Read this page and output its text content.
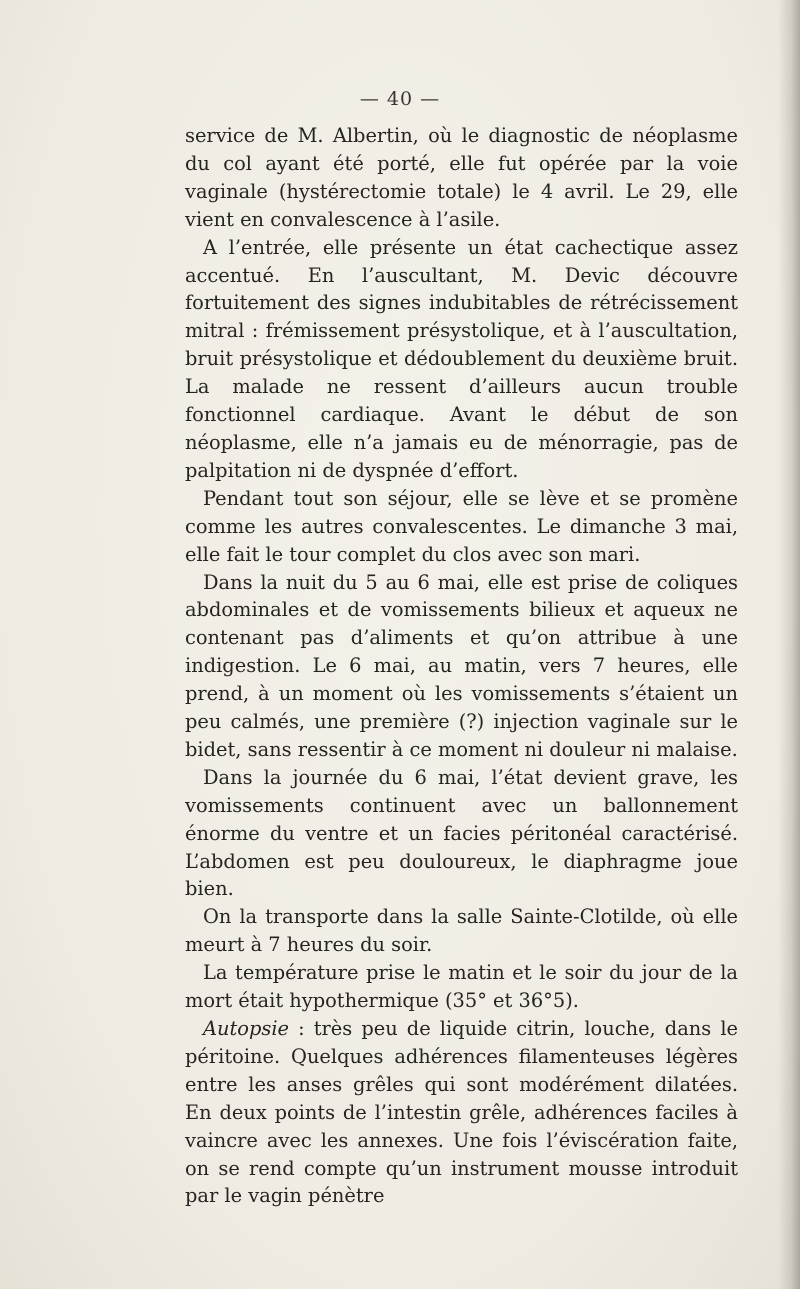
— 40 —

service de M. Albertin, où le diagnostic de néoplasme du col ayant été porté, elle fut opérée par la voie vaginale (hystérectomie totale) le 4 avril. Le 29, elle vient en convalescence à l’asile.

A l’entrée, elle présente un état cachectique assez accentué. En l’auscultant, M. Devic découvre fortuitement des signes indubitables de rétrécissement mitral : frémissement présystolique, et à l’auscultation, bruit présystolique et dédoublement du deuxième bruit. La malade ne ressent d’ailleurs aucun trouble fonctionnel cardiaque. Avant le début de son néoplasme, elle n’a jamais eu de ménorragie, pas de palpitation ni de dyspnée d’effort.

Pendant tout son séjour, elle se lève et se promène comme les autres convalescentes. Le dimanche 3 mai, elle fait le tour complet du clos avec son mari.

Dans la nuit du 5 au 6 mai, elle est prise de coliques abdominales et de vomissements bilieux et aqueux ne contenant pas d’aliments et qu’on attribue à une indigestion. Le 6 mai, au matin, vers 7 heures, elle prend, à un moment où les vomissements s’étaient un peu calmés, une première (?) injection vaginale sur le bidet, sans ressentir à ce moment ni douleur ni malaise.

Dans la journée du 6 mai, l’état devient grave, les vomissements continuent avec un ballonnement énorme du ventre et un facies péritonéal caractérisé. L’abdomen est peu douloureux, le diaphragme joue bien.

On la transporte dans la salle Sainte-Clotilde, où elle meurt à 7 heures du soir.

La température prise le matin et le soir du jour de la mort était hypothermique (35° et 36°5).

Autopsie : très peu de liquide citrin, louche, dans le péritoine. Quelques adhérences filamenteuses légères entre les anses grêles qui sont modérément dilatées. En deux points de l’intestin grêle, adhérences faciles à vaincre avec les annexes. Une fois l’éviscération faite, on se rend compte qu’un instrument mousse introduit par le vagin pénètre
